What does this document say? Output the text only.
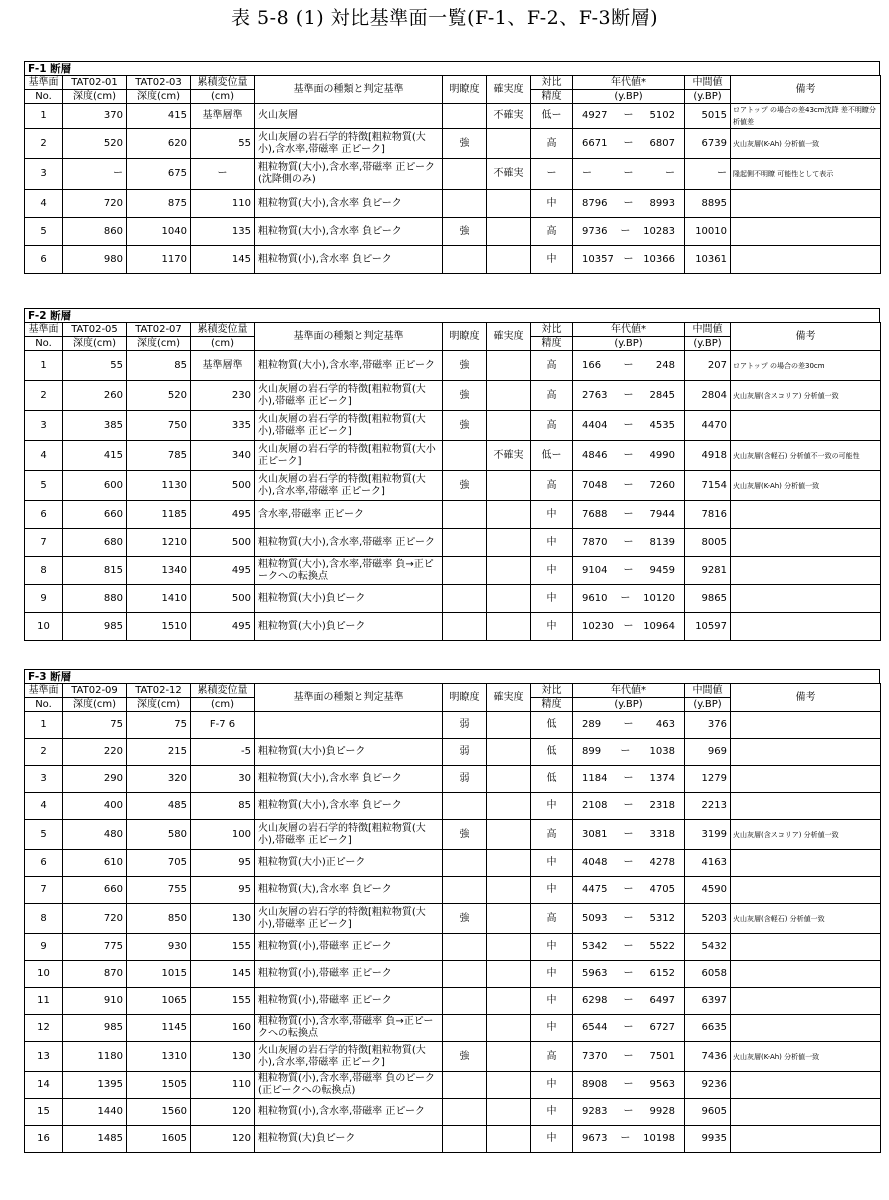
表 5-8 (1) 対比基準面一覧(F-1、F-2、F-3断層)
F-1 断層
基準面	TAT02-01	TAT02-03	累積変位量	基準面の種類と判定基準	明瞭度	確実度	対比	年代値*	中間値	備考
No.	深度(cm)	深度(cm)	(cm)				精度	(y.BP)	(y.BP)	
1	370	415	基準層準	火山灰層		不確実	低ー	4927 ー 5102	5015	ロアトップ の場合の差43cm沈降 差不明瞭分析値差
2	520	620	55	火山灰層の岩石学的特徴[粗粒物質(大小),含水率,帯磁率 正ピーク]	強		高	6671 ー 6807	6739	火山灰層(K-Ah) 分析値一致
3	ー	675	ー	粗粒物質(大小),含水率,帯磁率 正ピーク(沈降側のみ)		不確実	ー	ー ー ー	ー	隆起側不明瞭 可能性として表示
4	720	875	110	粗粒物質(大小),含水率 負ピーク			中	8796 ー 8993	8895	
5	860	1040	135	粗粒物質(大小),含水率 負ピーク	強		高	9736 ー 10283	10010	
6	980	1170	145	粗粒物質(小),含水率 負ピーク			中	10357 ー 10366	10361	
F-2 断層
基準面	TAT02-05	TAT02-07	累積変位量	基準面の種類と判定基準	明瞭度	確実度	対比	年代値*	中間値	備考
No.	深度(cm)	深度(cm)	(cm)				精度	(y.BP)	(y.BP)	
1	55	85	基準層準	粗粒物質(大小),含水率,帯磁率 正ピーク	強		高	166 ー 248	207	ロアトップ の場合の差30cm
2	260	520	230	火山灰層の岩石学的特徴[粗粒物質(大小),帯磁率 正ピーク]	強		高	2763 ー 2845	2804	火山灰層(含スコリア) 分析値一致
3	385	750	335	火山灰層の岩石学的特徴[粗粒物質(大小),帯磁率 正ピーク]	強		高	4404 ー 4535	4470	
4	415	785	340	火山灰層の岩石学的特徴[粗粒物質(大小 正ピーク]		不確実	低ー	4846 ー 4990	4918	火山灰層(含軽石) 分析値不一致の可能性
5	600	1130	500	火山灰層の岩石学的特徴[粗粒物質(大小),含水率,帯磁率 正ピーク]	強		高	7048 ー 7260	7154	火山灰層(K-Ah) 分析値一致
6	660	1185	495	含水率,帯磁率 正ピーク			中	7688 ー 7944	7816	
7	680	1210	500	粗粒物質(大小),含水率,帯磁率 正ピーク			中	7870 ー 8139	8005	
8	815	1340	495	粗粒物質(大小),含水率,帯磁率 負→正ピークへの転換点			中	9104 ー 9459	9281	
9	880	1410	500	粗粒物質(大小)負ピーク			中	9610 ー 10120	9865	
10	985	1510	495	粗粒物質(大小)負ピーク			中	10230 ー 10964	10597	
F-3 断層
基準面	TAT02-09	TAT02-12	累積変位量	基準面の種類と判定基準	明瞭度	確実度	対比	年代値*	中間値	備考
No.	深度(cm)	深度(cm)	(cm)				精度	(y.BP)	(y.BP)	
1	75	75	F-7 6		弱		低	289 ー 463	376	
2	220	215	-5	粗粒物質(大小)負ピーク	弱		低	899 ー 1038	969	
3	290	320	30	粗粒物質(大小),含水率 負ピーク	弱		低	1184 ー 1374	1279	
4	400	485	85	粗粒物質(大小),含水率 負ピーク			中	2108 ー 2318	2213	
5	480	580	100	火山灰層の岩石学的特徴[粗粒物質(大小),帯磁率 正ピーク]	強		高	3081 ー 3318	3199	火山灰層(含スコリア) 分析値一致
6	610	705	95	粗粒物質(大小)正ピーク			中	4048 ー 4278	4163	
7	660	755	95	粗粒物質(大),含水率 負ピーク			中	4475 ー 4705	4590	
8	720	850	130	火山灰層の岩石学的特徴[粗粒物質(大小),帯磁率 正ピーク]	強		高	5093 ー 5312	5203	火山灰層(含軽石) 分析値一致
9	775	930	155	粗粒物質(小),帯磁率 正ピーク			中	5342 ー 5522	5432	
10	870	1015	145	粗粒物質(小),帯磁率 正ピーク			中	5963 ー 6152	6058	
11	910	1065	155	粗粒物質(小),帯磁率 正ピーク			中	6298 ー 6497	6397	
12	985	1145	160	粗粒物質(小),含水率,帯磁率 負→正ピークへの転換点			中	6544 ー 6727	6635	
13	1180	1310	130	火山灰層の岩石学的特徴[粗粒物質(大小),含水率,帯磁率 正ピーク]	強		高	7370 ー 7501	7436	火山灰層(K-Ah) 分析値一致
14	1395	1505	110	粗粒物質(小),含水率,帯磁率 負のピーク(正ピークへの転換点)			中	8908 ー 9563	9236	
15	1440	1560	120	粗粒物質(小),含水率,帯磁率 正ピーク			中	9283 ー 9928	9605	
16	1485	1605	120	粗粒物質(大)負ピーク			中	9673 ー 10198	9935	
